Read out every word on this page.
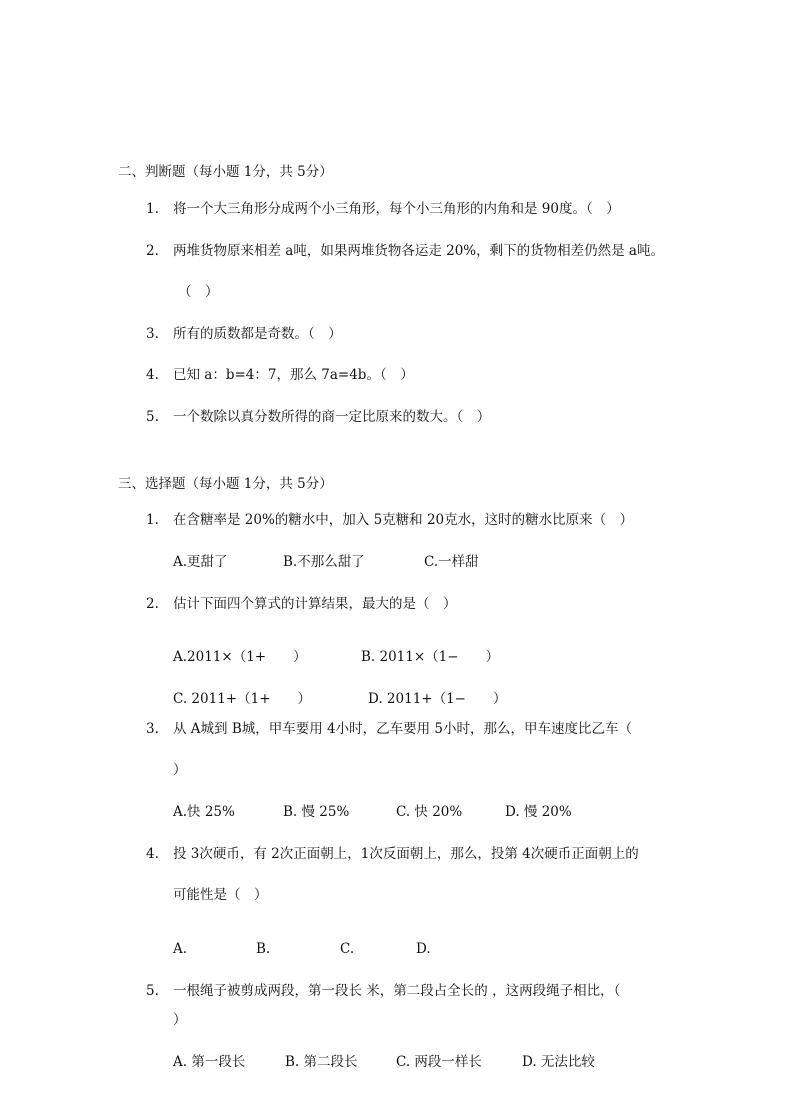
二、判断题（每小题 1分，共 5分）
1. 将一个大三角形分成两个小三角形，每个小三角形的内角和是 90度。（　）
2. 两堆货物原来相差 a吨，如果两堆货物各运走 20%，剩下的货物相差仍然是 a吨。
（　）
3. 所有的质数都是奇数。（　）
4. 已知 a：b=4：7，那么 7a=4b。（　）
5. 一个数除以真分数所得的商一定比原来的数大。（　）
三、选择题（每小题 1分，共 5分）
1. 在含糖率是 20%的糖水中，加入 5克糖和 20克水，这时的糖水比原来（　）
A.更甜了	B.不那么甜了	C.一样甜
2. 估计下面四个算式的计算结果，最大的是（　）
A.2011×（1+　　）	B. 2011×（1−　　）
C. 2011+（1+　　）	D. 2011+（1−　　）
3. 从 A城到 B城，甲车要用 4小时，乙车要用 5小时，那么，甲车速度比乙车（
）
A.快 25%	B. 慢 25%	C. 快 20%	D. 慢 20%
4. 投 3次硬币，有 2次正面朝上，1次反面朝上，那么，投第 4次硬币正面朝上的
可能性是（　）
A.	B.	C.	D.
5. 一根绳子被剪成两段，第一段长 米，第二段占全长的 ，这两段绳子相比，（
）
A. 第一段长	B. 第二段长	C. 两段一样长	D. 无法比较
